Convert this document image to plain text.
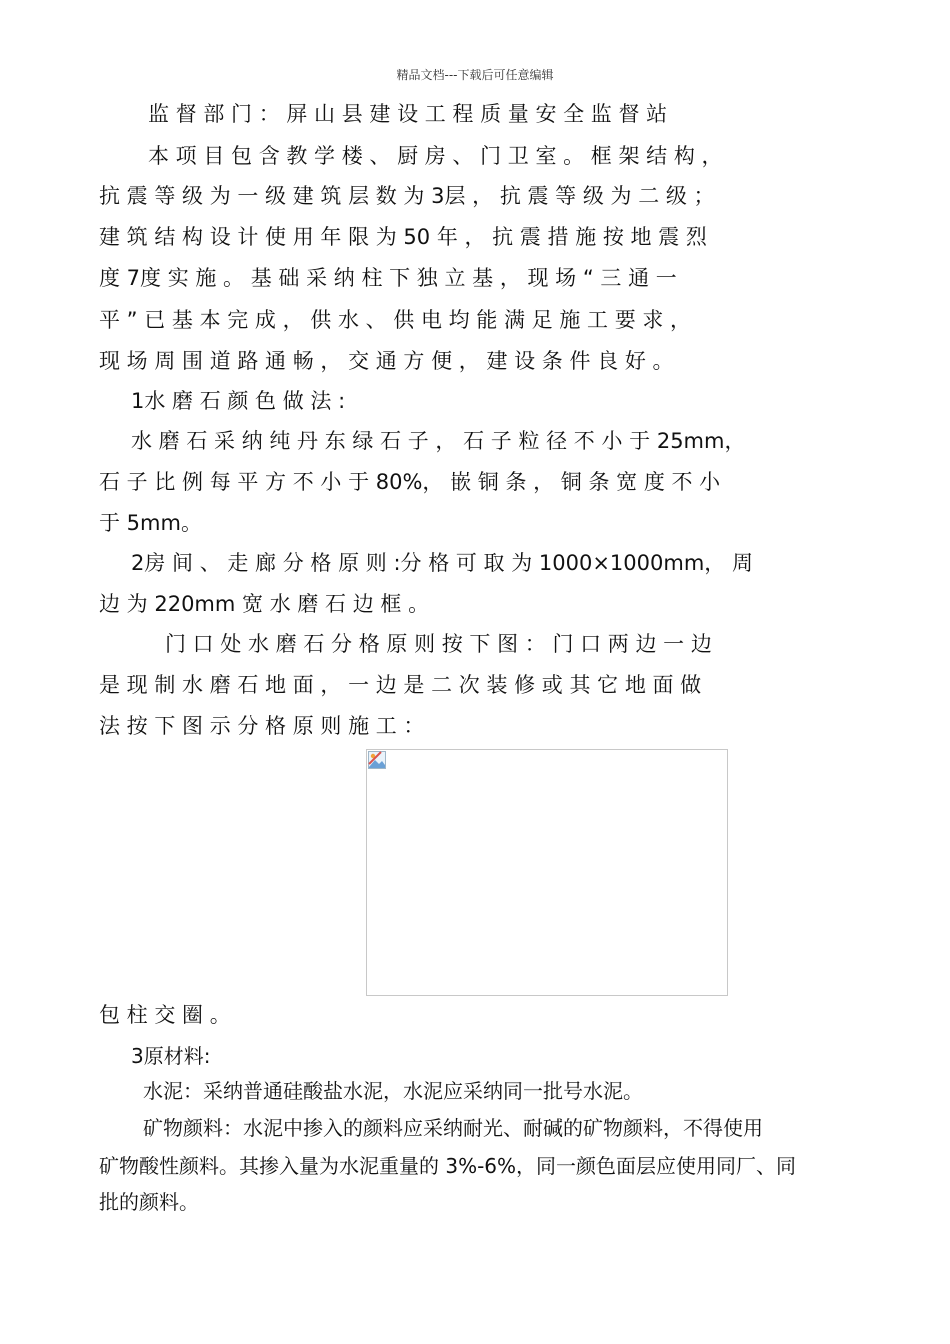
精品文档---下载后可任意编辑
监 督 部 门 ： 屏 山 县 建 设 工 程 质 量 安 全 监 督 站
本 项 目 包 含 教 学 楼 、 厨 房 、 门 卫 室 。 框 架 结 构 ，
抗 震 等 级 为 一 级 建 筑 层 数 为 3层 ， 抗 震 等 级 为 二 级 ；
建 筑 结 构 设 计 使 用 年 限 为 50 年 ， 抗 震 措 施 按 地 震 烈
度 7度 实 施 。 基 础 采 纳 柱 下 独 立 基 ， 现 场 “ 三 通 一
平 ” 已 基 本 完 成 ， 供 水 、 供 电 均 能 满 足 施 工 要 求 ，
现 场 周 围 道 路 通 畅 ， 交 通 方 便 ， 建 设 条 件 良 好 。
1水 磨 石 颜 色 做 法 :
水 磨 石 采 纳 纯 丹 东 绿 石 子 ， 石 子 粒 径 不 小 于 25mm，
石 子 比 例 每 平 方 不 小 于 80%， 嵌 铜 条 ， 铜 条 宽 度 不 小
于 5mm。
2房 间 、 走 廊 分 格 原 则 :分 格 可 取 为 1000×1000mm， 周
边 为 220mm 宽 水 磨 石 边 框 。
门 口 处 水 磨 石 分 格 原 则 按 下 图 ： 门 口 两 边 一 边
是 现 制 水 磨 石 地 面 ， 一 边 是 二 次 装 修 或 其 它 地 面 做
法 按 下 图 示 分 格 原 则 施 工 ：
包 柱 交 圈 。
3原材料:
水泥：采纳普通硅酸盐水泥，水泥应采纳同一批号水泥。
矿物颜料：水泥中掺入的颜料应采纳耐光、耐碱的矿物颜料，不得使用
矿物酸性颜料。其掺入量为水泥重量的 3%-6%，同一颜色面层应使用同厂、同
批的颜料。
